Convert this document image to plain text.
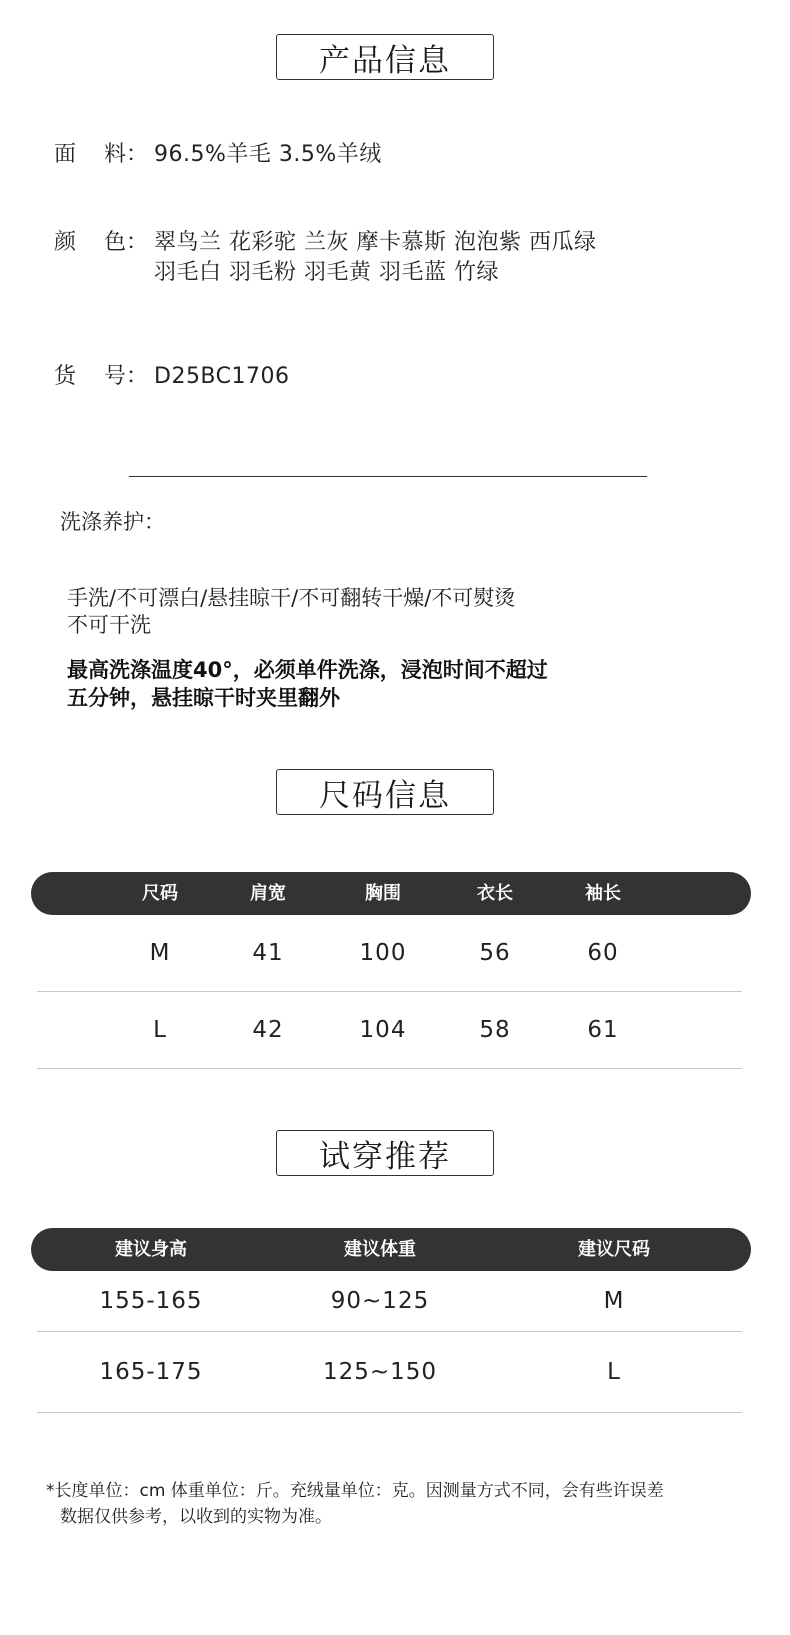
产品信息
面    料： 96.5%羊毛 3.5%羊绒
颜    色： 翠鸟兰 花彩驼 兰灰 摩卡慕斯 泡泡紫 西瓜绿
羽毛白 羽毛粉 羽毛黄 羽毛蓝 竹绿
货    号： D25BC1706
洗涤养护：
手洗/不可漂白/悬挂晾干/不可翻转干燥/不可熨烫
不可干洗
最高洗涤温度40°，必须单件洗涤，浸泡时间不超过
五分钟，悬挂晾干时夹里翻外
尺码信息
尺码	肩宽	胸围	衣长	袖长
M	41	100	56	60
L	42	104	58	61
试穿推荐
建议身高	建议体重	建议尺码
155-165	90~125	M
165-175	125~150	L
*长度单位：cm 体重单位：斤。充绒量单位：克。因测量方式不同，会有些许误差
数据仅供参考，以收到的实物为准。
